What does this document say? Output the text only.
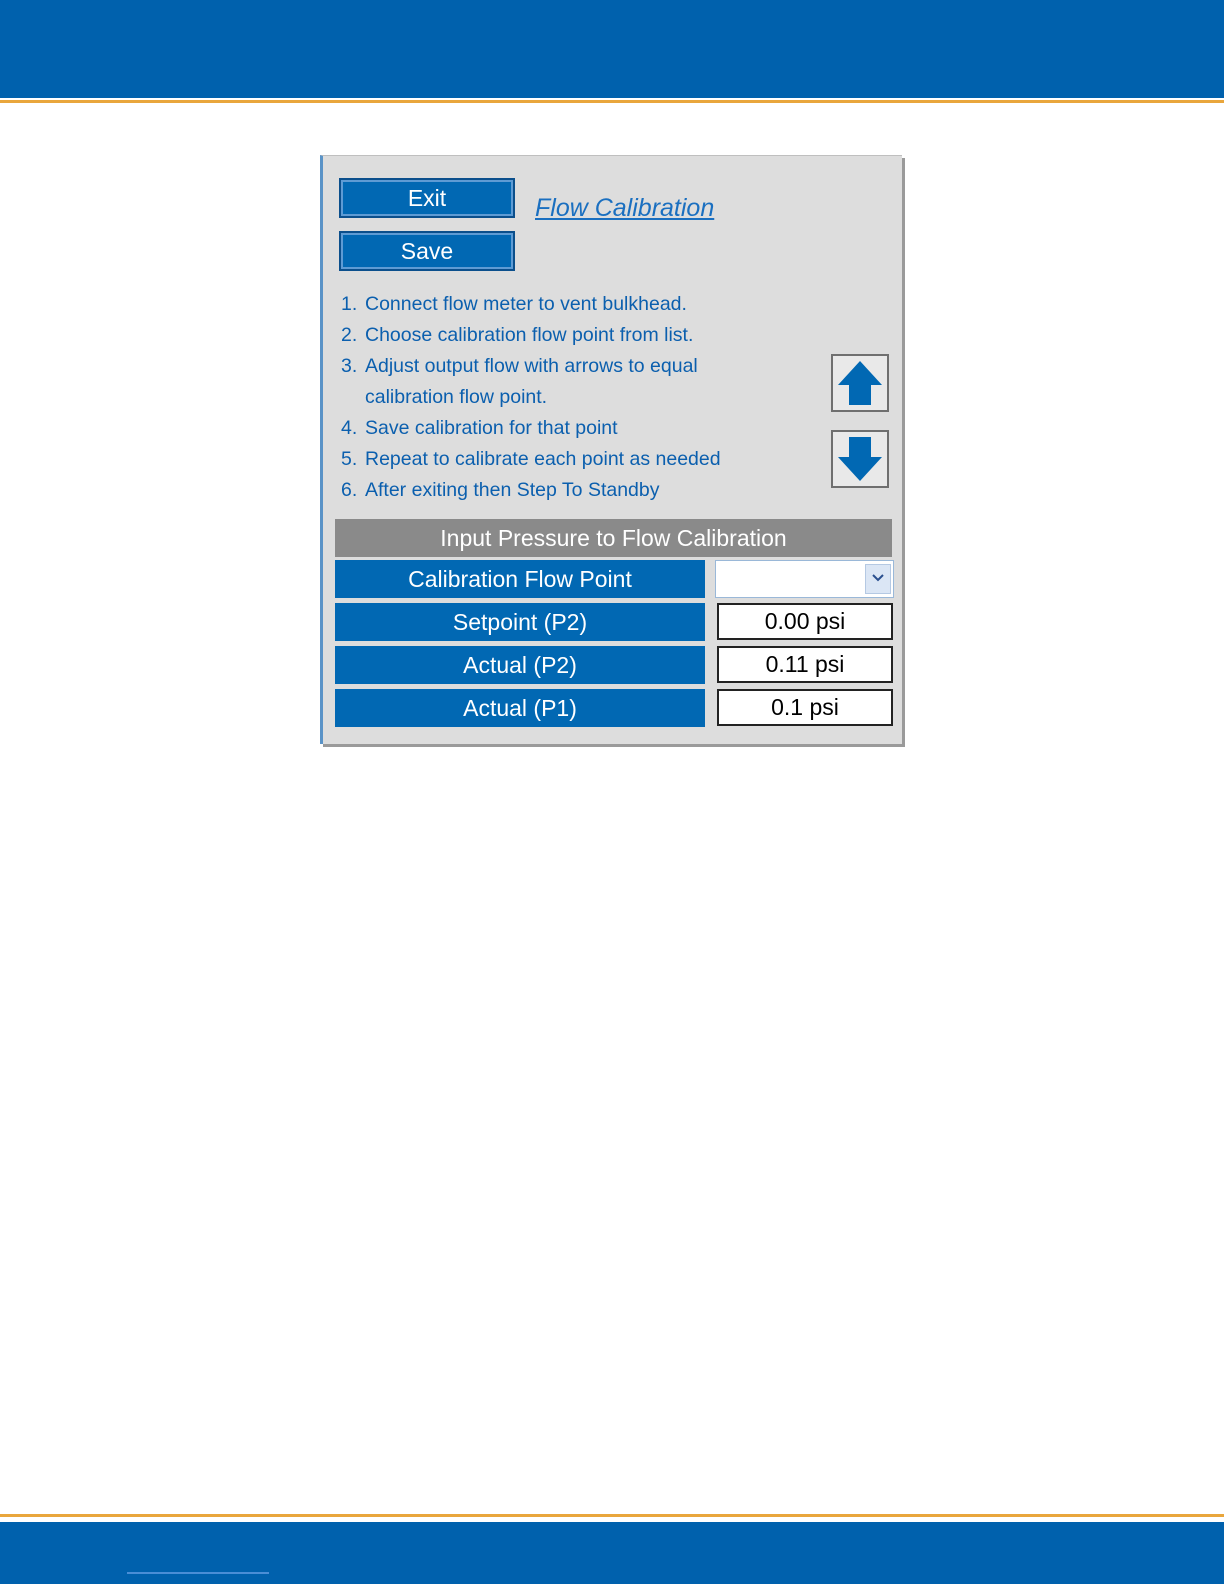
Exit
Save
Flow Calibration
1. Connect flow meter to vent bulkhead.
2. Choose calibration flow point from list.
3. Adjust output flow with arrows to equal
calibration flow point.
4. Save calibration for that point
5. Repeat to calibrate each point as needed
6. After exiting then Step To Standby
Input Pressure to Flow Calibration
Calibration Flow Point
Setpoint (P2)	0.00 psi
Actual (P2)	0.11 psi
Actual (P1)	0.1 psi
